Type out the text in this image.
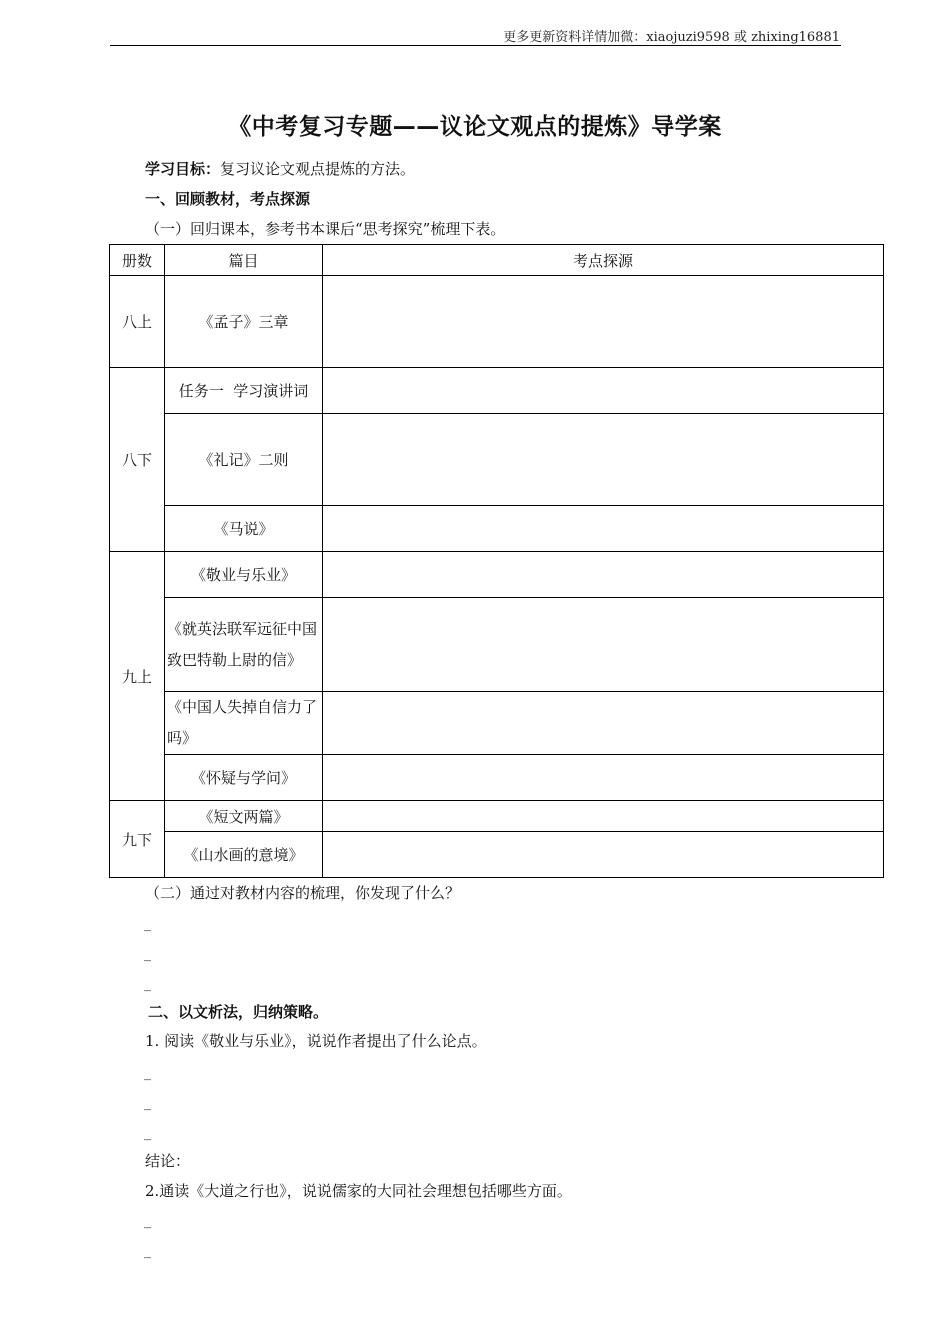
更多更新资料详情加微：xiaojuzi9598 或 zhixing16881
《中考复习专题——议论文观点的提炼》导学案
学习目标：复习议论文观点提炼的方法。
一、回顾教材，考点探源
（一）回归课本，参考书本课后“思考探究”梳理下表。
册数	篇目	考点探源
八上	《孟子》三章	
八下	任务一  学习演讲词	
	《礼记》二则	
	《马说》	
九上	《敬业与乐业》	
	《就英法联军远征中国致巴特勒上尉的信》	
	《中国人失掉自信力了吗》	
	《怀疑与学问》	
九下	《短文两篇》	
	《山水画的意境》	
（二）通过对教材内容的梳理，你发现了什么？
_
_
_
二、以文析法，归纳策略。
1. 阅读《敬业与乐业》，说说作者提出了什么论点。
_
_
_
结论：
2.通读《大道之行也》，说说儒家的大同社会理想包括哪些方面。
_
_
